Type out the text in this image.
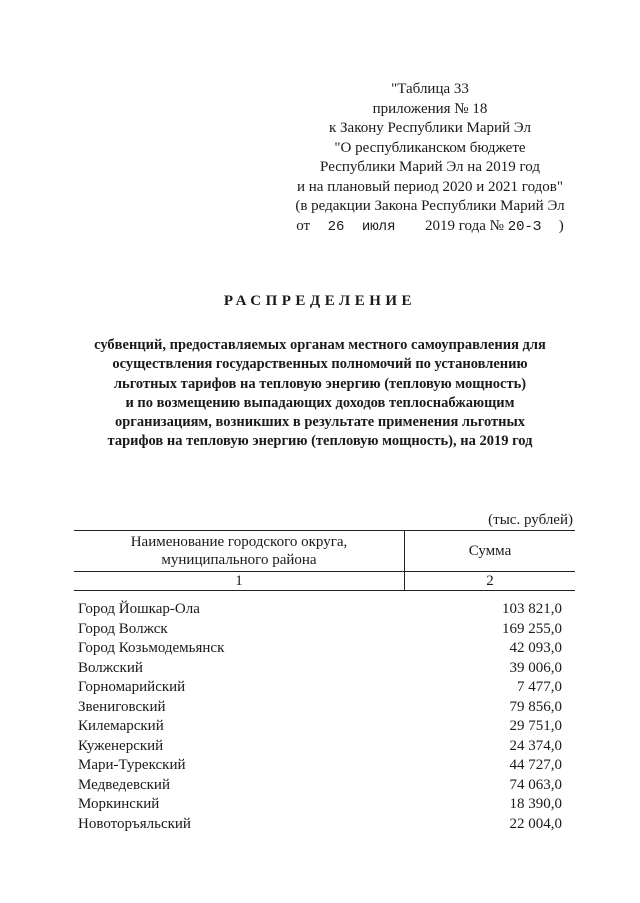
"Таблица 33
приложения № 18
к Закону Республики Марий Эл
"О республиканском бюджете
Республики Марий Эл на 2019 год
и на плановый период 2020 и 2021 годов"
(в редакции Закона Республики Марий Эл
от 26 июля 2019 года № 20-З )
РАСПРЕДЕЛЕНИЕ
субвенций, предоставляемых органам местного самоуправления для
осуществления государственных полномочий по установлению
льготных тарифов на тепловую энергию (тепловую мощность)
и по возмещению выпадающих доходов теплоснабжающим
организациям, возникших в результате применения льготных
тарифов на тепловую энергию (тепловую мощность), на 2019 год
(тыс. рублей)
Наименование городского округа,
муниципального района	Сумма
1	2
Город Йошкар-Ола	103 821,0
Город Волжск	169 255,0
Город Козьмодемьянск	42 093,0
Волжский	39 006,0
Горномарийский	7 477,0
Звениговский	79 856,0
Килемарский	29 751,0
Куженерский	24 374,0
Мари-Турекский	44 727,0
Медведевский	74 063,0
Моркинский	18 390,0
Новоторъяльский	22 004,0
